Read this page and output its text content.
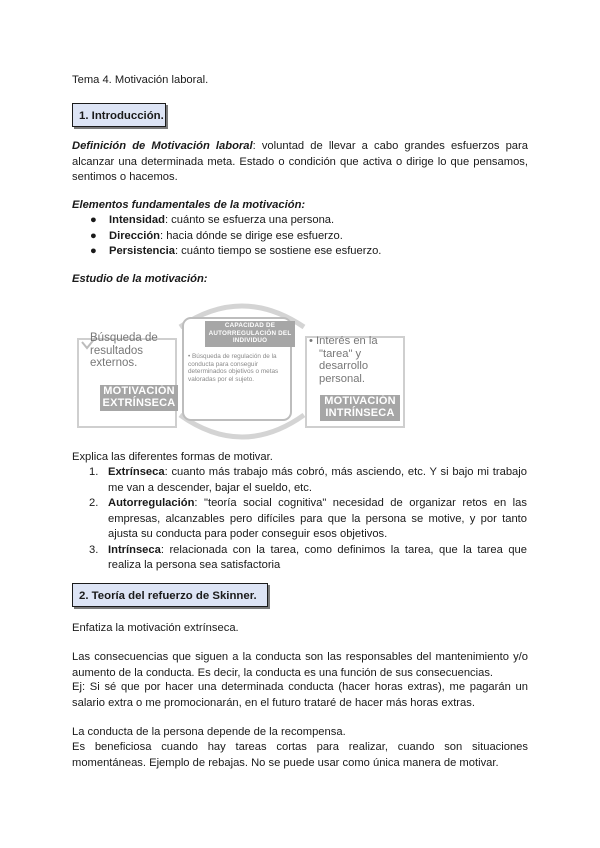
Tema 4. Motivación laboral.
1. Introducción.
Definición de Motivación laboral: voluntad de llevar a cabo grandes esfuerzos para alcanzar una determinada meta. Estado o condición que activa o dirige lo que pensamos, sentimos o hacemos.
Elementos fundamentales de la motivación:
● Intensidad: cuánto se esfuerza una persona.
● Dirección: hacia dónde se dirige ese esfuerzo.
● Persistencia: cuánto tiempo se sostiene ese esfuerzo.
Estudio de la motivación:
Búsqueda de resultados externos.
MOTIVACIÓN
EXTRÍNSECA
CAPACIDAD DE AUTORREGULACIÓN DEL INDIVIDUO
• Búsqueda de regulación de la conducta para conseguir determinados objetivos o metas valoradas por el sujeto.
• Interés en la
"tarea" y desarrollo personal.
MOTIVACIÓN
INTRÍNSECA
Explica las diferentes formas de motivar.
1. Extrínseca: cuanto más trabajo más cobró, más asciendo, etc. Y si bajo mi trabajo me van a descender, bajar el sueldo, etc.
2. Autorregulación: "teoría social cognitiva" necesidad de organizar retos en las empresas, alcanzables pero difíciles para que la persona se motive, y por tanto ajusta su conducta para poder conseguir esos objetivos.
3. Intrínseca: relacionada con la tarea, como definimos la tarea, que la tarea que realiza la persona sea satisfactoria
2. Teoría del refuerzo de Skinner.
Enfatiza la motivación extrínseca.
Las consecuencias que siguen a la conducta son las responsables del mantenimiento y/o aumento de la conducta. Es decir, la conducta es una función de sus consecuencias.
Ej: Si sé que por hacer una determinada conducta (hacer horas extras), me pagarán un salario extra o me promocionarán, en el futuro trataré de hacer más horas extras.
La conducta de la persona depende de la recompensa.
Es beneficiosa cuando hay tareas cortas para realizar, cuando son situaciones momentáneas. Ejemplo de rebajas. No se puede usar como única manera de motivar.
